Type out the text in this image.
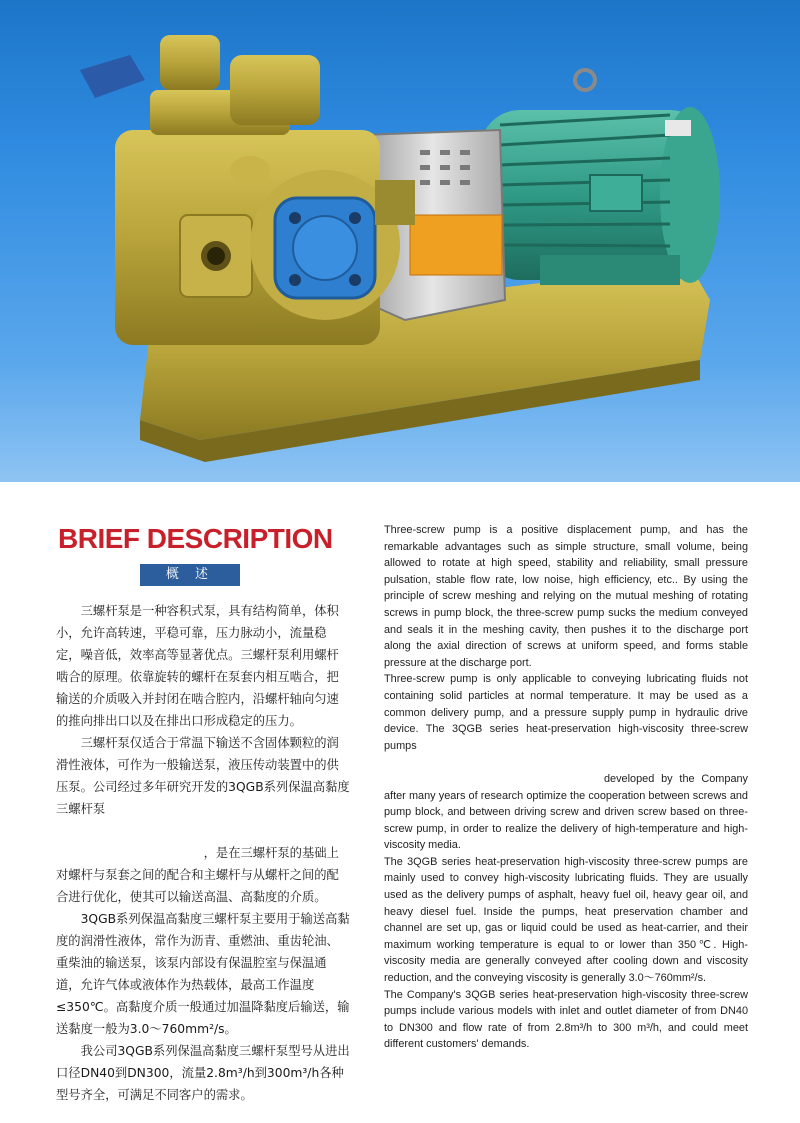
BRIEF DESCRIPTION
概 述

三螺杆泵是一种容积式泵，具有结构简单，体积小，允许高转速，平稳可靠，压力脉动小，流量稳定，噪音低，效率高等显著优点。三螺杆泵利用螺杆啮合的原理。依靠旋转的螺杆在泵套内相互啮合，把输送的介质吸入并封闭在啮合腔内，沿螺杆轴向匀速的推向排出口以及在排出口形成稳定的压力。

三螺杆泵仅适合于常温下输送不含固体颗粒的润滑性液体，可作为一般输送泵，液压传动装置中的供压泵。公司经过多年研究开发的3QGB系列保温高黏度三螺杆泵

，是在三螺杆泵的基础上对螺杆与泵套之间的配合和主螺杆与从螺杆之间的配合进行优化，使其可以输送高温、高黏度的介质。

3QGB系列保温高黏度三螺杆泵主要用于输送高黏度的润滑性液体，常作为沥青、重燃油、重齿轮油、重柴油的输送泵，该泵内部设有保温腔室与保温通道，允许气体或液体作为热载体，最高工作温度≤350℃。高黏度介质一般通过加温降黏度后输送，输送黏度一般为3.0～760mm²/s。

我公司3QGB系列保温高黏度三螺杆泵型号从进出口径DN40到DN300，流量2.8m³/h到300m³/h各种型号齐全，可满足不同客户的需求。

Three-screw pump is a positive displacement pump, and has the remarkable advantages such as simple structure, small volume, being allowed to rotate at high speed, stability and reliability, small pressure pulsation, stable flow rate, low noise, high efficiency, etc.. By using the principle of screw meshing and relying on the mutual meshing of rotating screws in pump block, the three-screw pump sucks the medium conveyed and seals it in the meshing cavity, then pushes it to the discharge port along the axial direction of screws at uniform speed, and forms stable pressure at the discharge port.

Three-screw pump is only applicable to conveying lubricating fluids not containing solid particles at normal temperature. It may be used as a common delivery pump, and a pressure supply pump in hydraulic drive device. The 3QGB series heat-preservation high-viscosity three-screw pumps

developed by the Company after many years of research optimize the cooperation between screws and pump block, and between driving screw and driven screw based on three-screw pump, in order to realize the delivery of high-temperature and high-viscosity media.

The 3QGB series heat-preservation high-viscosity three-screw pumps are mainly used to convey high-viscosity lubricating fluids. They are usually used as the delivery pumps of asphalt, heavy fuel oil, heavy gear oil, and heavy diesel fuel. Inside the pumps, heat preservation chamber and channel are set up, gas or liquid could be used as heat-carrier, and their maximum working temperature is equal to or lower than 350℃. High-viscosity media are generally conveyed after cooling down and viscosity reduction, and the conveying viscosity is generally 3.0～760mm²/s.

The Company's 3QGB series heat-preservation high-viscosity three-screw pumps include various models with inlet and outlet diameter of from DN40 to DN300 and flow rate of from 2.8m³/h to 300 m³/h, and could meet different customers' demands.
